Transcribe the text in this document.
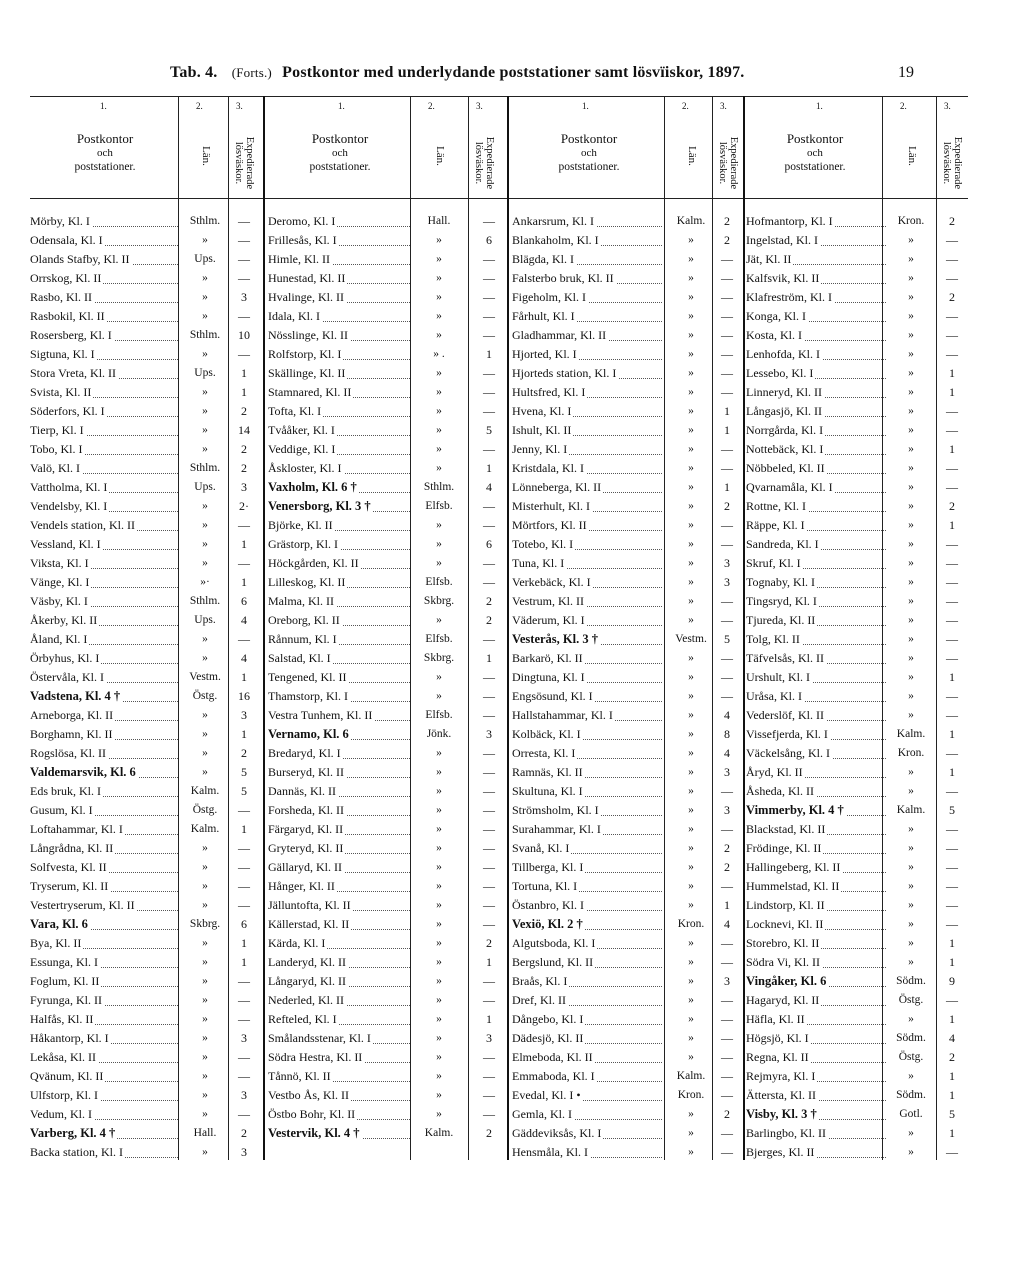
Tab. 4. (Forts.) Postkontor med underlydande poststationer samt lösvïiskor, 1897.	19
1.	2.	3.
Postkontor
och
poststationer.
Län.	Expedierade lösväskor.
Mörby, Kl. I	Sthlm.	—
Odensala, Kl. I	»	—
Olands Stafby, Kl. II	Ups.	—
Orrskog, Kl. II	»	—
Rasbo, Kl. II	»	3
Rasbokil, Kl. II	»	—
Rosersberg, Kl. I	Sthlm.	10
Sigtuna, Kl. I	»	—
Stora Vreta, Kl. II	Ups.	1
Svista, Kl. II	»	1
Söderfors, Kl. I	»	2
Tierp, Kl. I	»	14
Tobo, Kl. I	»	2
Valö, Kl. I	Sthlm.	2
Vattholma, Kl. I	Ups.	3
Vendelsby, Kl. I	»	2·
Vendels station, Kl. II	»	—
Vessland, Kl. I	»	1
Viksta, Kl. I	»	—
Vänge, Kl. I	»·	1
Väsby, Kl. I	Sthlm.	6
Åkerby, Kl. II	Ups.	4
Åland, Kl. I	»	—
Örbyhus, Kl. I	»	4
Östervåla, Kl. I	Vestm.	1
Vadstena, Kl. 4 †	Östg.	16
Arneborga, Kl. II	»	3
Borghamn, Kl. II	»	1
Rogslösa, Kl. II	»	2
Valdemarsvik, Kl. 6	»	5
Eds bruk, Kl. I	Kalm.	5
Gusum, Kl. I	Östg.	—
Loftahammar, Kl. I	Kalm.	1
Långrådna, Kl. II	»	—
Solfvesta, Kl. II	»	—
Tryserum, Kl. II	»	—
Vestertryserum, Kl. II	»	—
Vara, Kl. 6	Skbrg.	6
Bya, Kl. II	»	1
Essunga, Kl. I	»	1
Foglum, Kl. II	»	—
Fyrunga, Kl. II	»	—
Halfås, Kl. II	»	—
Håkantorp, Kl. I	»	3
Lekåsa, Kl. II	»	—
Qvänum, Kl. II	»	—
Ulfstorp, Kl. I	»	3
Vedum, Kl. I	»	—
Varberg, Kl. 4 †	Hall.	2
Backa station, Kl. I	»	3
1.	2.	3.
Postkontor
och
poststationer.
Län.	Expedierade lösväskor.
Deromo, Kl. I	Hall.	—
Frillesås, Kl. I	»	6
Himle, Kl. II	»	—
Hunestad, Kl. II	»	—
Hvalinge, Kl. II	»	—
Idala, Kl. I	»	—
Nösslinge, Kl. II	»	—
Rolfstorp, Kl. I	» .	1
Skällinge, Kl. II	»	—
Stamnared, Kl. II	»	—
Tofta, Kl. I	»	—
Tvååker, Kl. I	»	5
Veddige, Kl. I	»	—
Åskloster, Kl. I	»	1
Vaxholm, Kl. 6 †	Sthlm.	4
Venersborg, Kl. 3 †	Elfsb.	—
Björke, Kl. II	»	—
Grästorp, Kl. I	»	6
Höckgården, Kl. II	»	—
Lilleskog, Kl. II	Elfsb.	—
Malma, Kl. II	Skbrg.	2
Oreborg, Kl. II	»	2
Rånnum, Kl. I	Elfsb.	—
Salstad, Kl. I	Skbrg.	1
Tengened, Kl. II	»	—
Thamstorp, Kl. I	»	—
Vestra Tunhem, Kl. II	Elfsb.	—
Vernamo, Kl. 6	Jönk.	3
Bredaryd, Kl. I	»	—
Burseryd, Kl. II	»	—
Dannäs, Kl. II	»	—
Forsheda, Kl. II	»	—
Färgaryd, Kl. II	»	—
Gryteryd, Kl. II	»	—
Gällaryd, Kl. II	»	—
Hånger, Kl. II	»	—
Jälluntofta, Kl. II	»	—
Källerstad, Kl. II	»	—
Kärda, Kl. I	»	2
Landeryd, Kl. II	»	1
Långaryd, Kl. II	»	—
Nederled, Kl. II	»	—
Refteled, Kl. I	»	1
Smålandsstenar, Kl. I	»	3
Södra Hestra, Kl. II	»	—
Tånnö, Kl. II	»	—
Vestbo Ås, Kl. II	»	—
Östbo Bohr, Kl. II	»	—
Vestervik, Kl. 4 †	Kalm.	2
1.	2.	3.
Postkontor
och
poststationer.
Län.	Expedierade lösväskor.
Ankarsrum, Kl. I	Kalm.	2
Blankaholm, Kl. I	»	2
Blägda, Kl. I	»	—
Falsterbo bruk, Kl. II	»	—
Figeholm, Kl. I	»	—
Fårhult, Kl. I	»	—
Gladhammar, Kl. II	»	—
Hjorted, Kl. I	»	—
Hjorteds station, Kl. I	»	—
Hultsfred, Kl. I	»	—
Hvena, Kl. I	»	1
Ishult, Kl. II	»	1
Jenny, Kl. I	»	—
Kristdala, Kl. I	»	—
Lönneberga, Kl. II	»	1
Misterhult, Kl. I	»	2
Mörtfors, Kl. II	»	—
Totebo, Kl. I	»	—
Tuna, Kl. I	»	3
Verkebäck, Kl. I	»	3
Vestrum, Kl. II	»	—
Väderum, Kl. I	»	—
Vesterås, Kl. 3 †	Vestm.	5
Barkarö, Kl. II	»	—
Dingtuna, Kl. I	»	—
Engsösund, Kl. I	»	—
Hallstahammar, Kl. I	»	4
Kolbäck, Kl. I	»	8
Orresta, Kl. I	»	4
Ramnäs, Kl. II	»	3
Skultuna, Kl. I	»	—
Strömsholm, Kl. I	»	3
Surahammar, Kl. I	»	—
Svanå, Kl. I	»	2
Tillberga, Kl. I	»	2
Tortuna, Kl. I	»	—
Östanbro, Kl. I	»	1
Vexiö, Kl. 2 †	Kron.	4
Algutsboda, Kl. I	»	—
Bergslund, Kl. II	»	—
Braås, Kl. I	»	3
Dref, Kl. II	»	—
Dångebo, Kl. I	»	—
Dädesjö, Kl. II	»	—
Elmeboda, Kl. II	»	—
Emmaboda, Kl. I	Kalm.	—
Evedal, Kl. I •	Kron.	—
Gemla, Kl. I	»	2
Gäddeviksås, Kl. I	»	—
Hensmåla, Kl. I	»	—
1.	2.	3.
Postkontor
och
poststationer.
Län.	Expedierade lösväskor.
Hofmantorp, Kl. I	Kron.	2
Ingelstad, Kl. I	»	—
Jät, Kl. II	»	—
Kalfsvik, Kl. II	»	—
Klafreström, Kl. I	»	2
Konga, Kl. I	»	—
Kosta, Kl. I	»	—
Lenhofda, Kl. I	»	—
Lessebo, Kl. I	»	1
Linneryd, Kl. II	»	1
Långasjö, Kl. II	»	—
Norrgårda, Kl. I	»	—
Nottebäck, Kl. I	»	1
Nöbbeled, Kl. II	»	—
Qvarnamåla, Kl. I	»	—
Rottne, Kl. I	»	2
Räppe, Kl. I	»	1
Sandreda, Kl. I	»	—
Skruf, Kl. I	»	—
Tognaby, Kl. I	»	—
Tingsryd, Kl. I	»	—
Tjureda, Kl. II	»	—
Tolg, Kl. II	»	—
Täfvelsås, Kl. II	»	—
Urshult, Kl. I	»	1
Uråsa, Kl. I	»	—
Vederslöf, Kl. II	»	—
Vissefjerda, Kl. I	Kalm.	1
Väckelsång, Kl. I	Kron.	—
Åryd, Kl. II	»	1
Åsheda, Kl. II	»	—
Vimmerby, Kl. 4 †	Kalm.	5
Blackstad, Kl. II	»	—
Frödinge, Kl. II	»	—
Hallingeberg, Kl. II	»	—
Hummelstad, Kl. II	»	—
Lindstorp, Kl. II	»	—
Locknevi, Kl. II	»	—
Storebro, Kl. II	»	1
Södra Vi, Kl. II	»	1
Vingåker, Kl. 6	Södm.	9
Hagaryd, Kl. II	Östg.	—
Häfla, Kl. II	»	1
Högsjö, Kl. I	Södm.	4
Regna, Kl. II	Östg.	2
Rejmyra, Kl. I	»	1
Ättersta, Kl. II	Södm.	1
Visby, Kl. 3 †	Gotl.	5
Barlingbo, Kl. II	»	1
Bjerges, Kl. II	»	—
